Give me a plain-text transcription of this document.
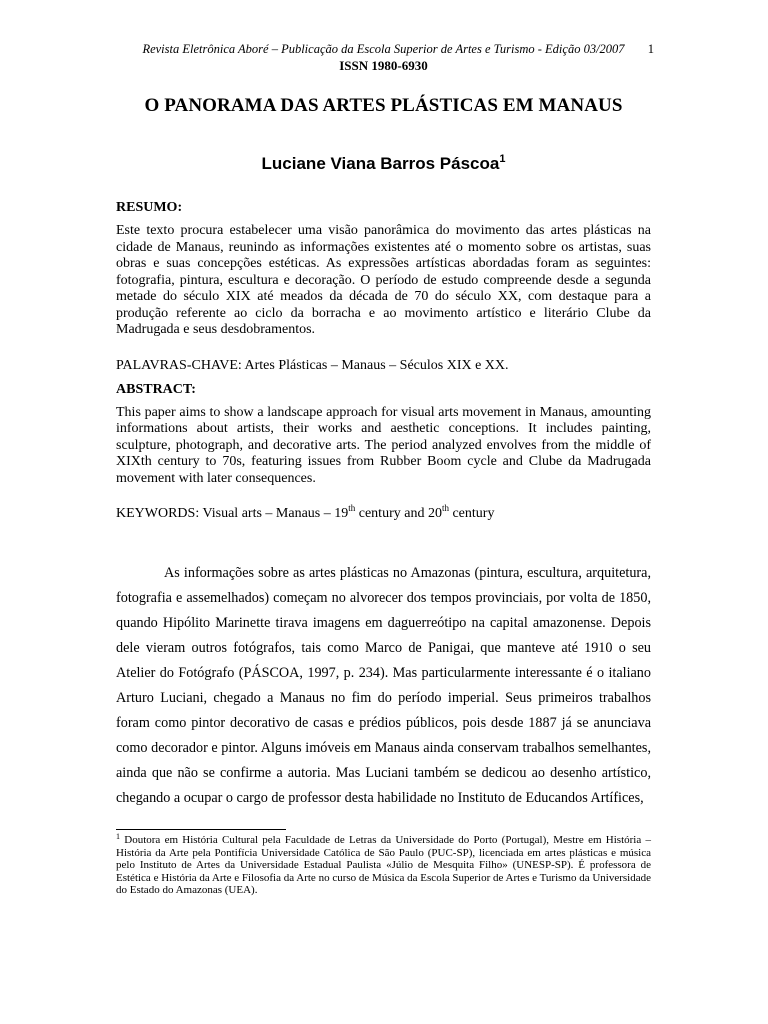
Revista Eletrônica Aboré – Publicação da Escola Superior de Artes e Turismo - Edição 03/2007 1
ISSN 1980-6930
O PANORAMA DAS ARTES PLÁSTICAS EM MANAUS
Luciane Viana Barros Páscoa$^1$
RESUMO:
Este texto procura estabelecer uma visão panorâmica do movimento das artes plásticas na cidade de Manaus, reunindo as informações existentes até o momento sobre os artistas, suas obras e suas concepções estéticas. As expressões artísticas abordadas foram as seguintes: fotografia, pintura, escultura e decoração. O período de estudo compreende desde a segunda metade do século XIX até meados da década de 70 do século XX, com destaque para a produção referente ao ciclo da borracha e ao movimento artístico e literário Clube da Madrugada e seus desdobramentos.
PALAVRAS-CHAVE: Artes Plásticas – Manaus – Séculos XIX e XX.
ABSTRACT:
This paper aims to show a landscape approach for visual arts movement in Manaus, amounting informations about artists, their works and aesthetic conceptions. It includes painting, sculpture, photograph, and decorative arts. The period analyzed envolves from the middle of XIXth century to 70s, featuring issues from Rubber Boom cycle and Clube da Madrugada movement with later consequences.
KEYWORDS: Visual arts – Manaus – 19th century and 20th century
As informações sobre as artes plásticas no Amazonas (pintura, escultura, arquitetura, fotografia e assemelhados) começam no alvorecer dos tempos provinciais, por volta de 1850, quando Hipólito Marinette tirava imagens em daguerreótipo na capital amazonense. Depois dele vieram outros fotógrafos, tais como Marco de Panigai, que manteve até 1910 o seu Atelier do Fotógrafo (PÁSCOA, 1997, p. 234). Mas particularmente interessante é o italiano Arturo Luciani, chegado a Manaus no fim do período imperial. Seus primeiros trabalhos foram como pintor decorativo de casas e prédios públicos, pois desde 1887 já se anunciava como decorador e pintor. Alguns imóveis em Manaus ainda conservam trabalhos semelhantes, ainda que não se confirme a autoria. Mas Luciani também se dedicou ao desenho artístico, chegando a ocupar o cargo de professor desta habilidade no Instituto de Educandos Artífices,
$^1$ Doutora em História Cultural pela Faculdade de Letras da Universidade do Porto (Portugal), Mestre em História – História da Arte pela Pontifícia Universidade Católica de São Paulo (PUC-SP), licenciada em artes plásticas e música pelo Instituto de Artes da Universidade Estadual Paulista «Júlio de Mesquita Filho» (UNESP-SP). É professora de Estética e História da Arte e Filosofia da Arte no curso de Música da Escola Superior de Artes e Turismo da Universidade do Estado do Amazonas (UEA).
